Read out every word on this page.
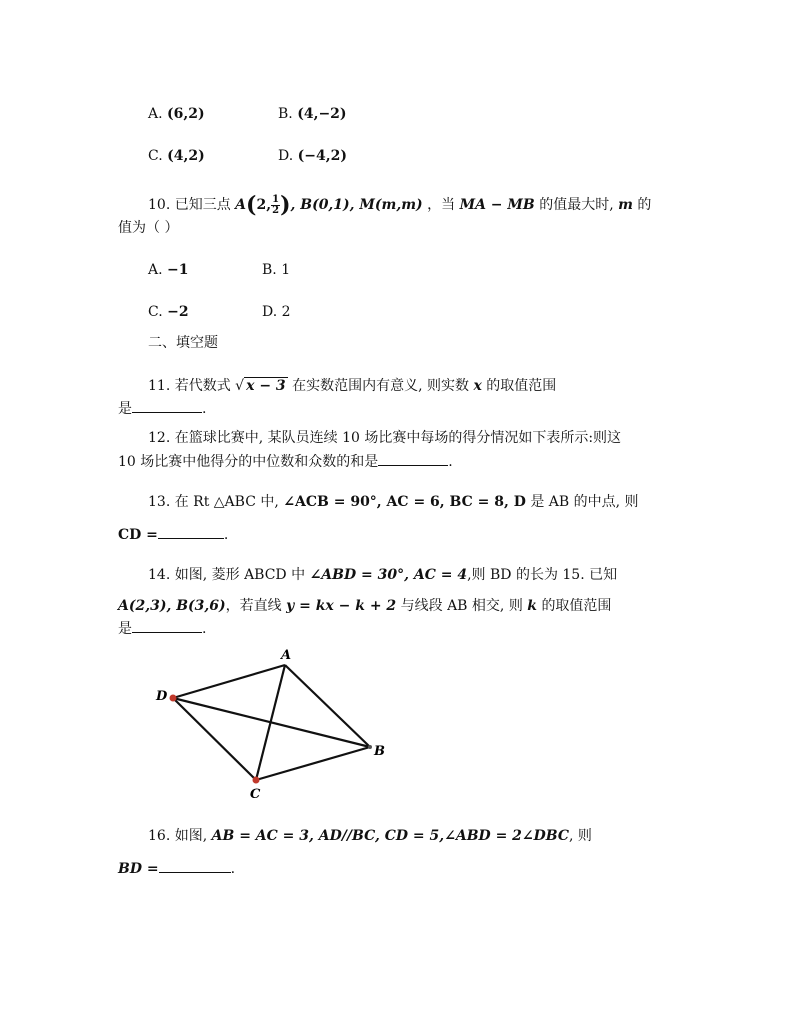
A. (6,2)	B. (4,−2)
C. (4,2)	D. (−4,2)
10. 已知三点 A(2, $\frac{1}{2}$ ), B(0,1), M(m,m) ，当 MA − MB 的值最大时, m 的
值为（ ）
A. −1	B. 1
C. −2	D. 2
二、填空题
11. 若代数式 √ x − 3 在实数范围内有意义, 则实数 x 的取值范围
是	.
12. 在篮球比赛中, 某队员连续 10 场比赛中每场的得分情况如下表所示:则这
10 场比赛中他得分的中位数和众数的和是	.
13. 在 Rt △ABC 中, ∠ACB = 90°, AC = 6, BC = 8, D 是 AB 的中点, 则
CD =	.
14. 如图, 菱形 ABCD 中 ∠ABD = 30°, AC = 4,则 BD 的长为 15. 已知
A(2,3), B(3,6)，若直线 y = kx − k + 2 与线段 AB 相交, 则 k 的取值范围
是	.
A
B
C
D
16. 如图, AB = AC = 3, AD//BC, CD = 5,∠ABD = 2∠DBC, 则
BD =	.
